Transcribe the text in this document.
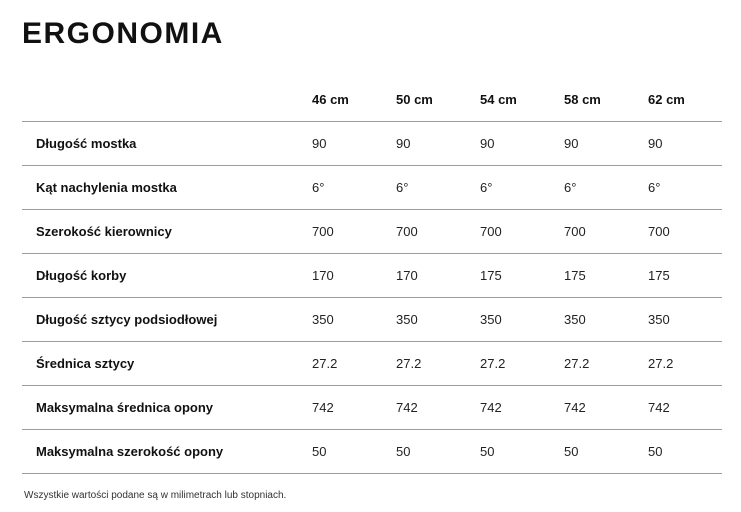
ERGONOMIA
	46 cm	50 cm	54 cm	58 cm	62 cm
Długość mostka	90	90	90	90	90
Kąt nachylenia mostka	6°	6°	6°	6°	6°
Szerokość kierownicy	700	700	700	700	700
Długość korby	170	170	175	175	175
Długość sztycy podsiodłowej	350	350	350	350	350
Średnica sztycy	27.2	27.2	27.2	27.2	27.2
Maksymalna średnica opony	742	742	742	742	742
Maksymalna szerokość opony	50	50	50	50	50
Wszystkie wartości podane są w milimetrach lub stopniach.
